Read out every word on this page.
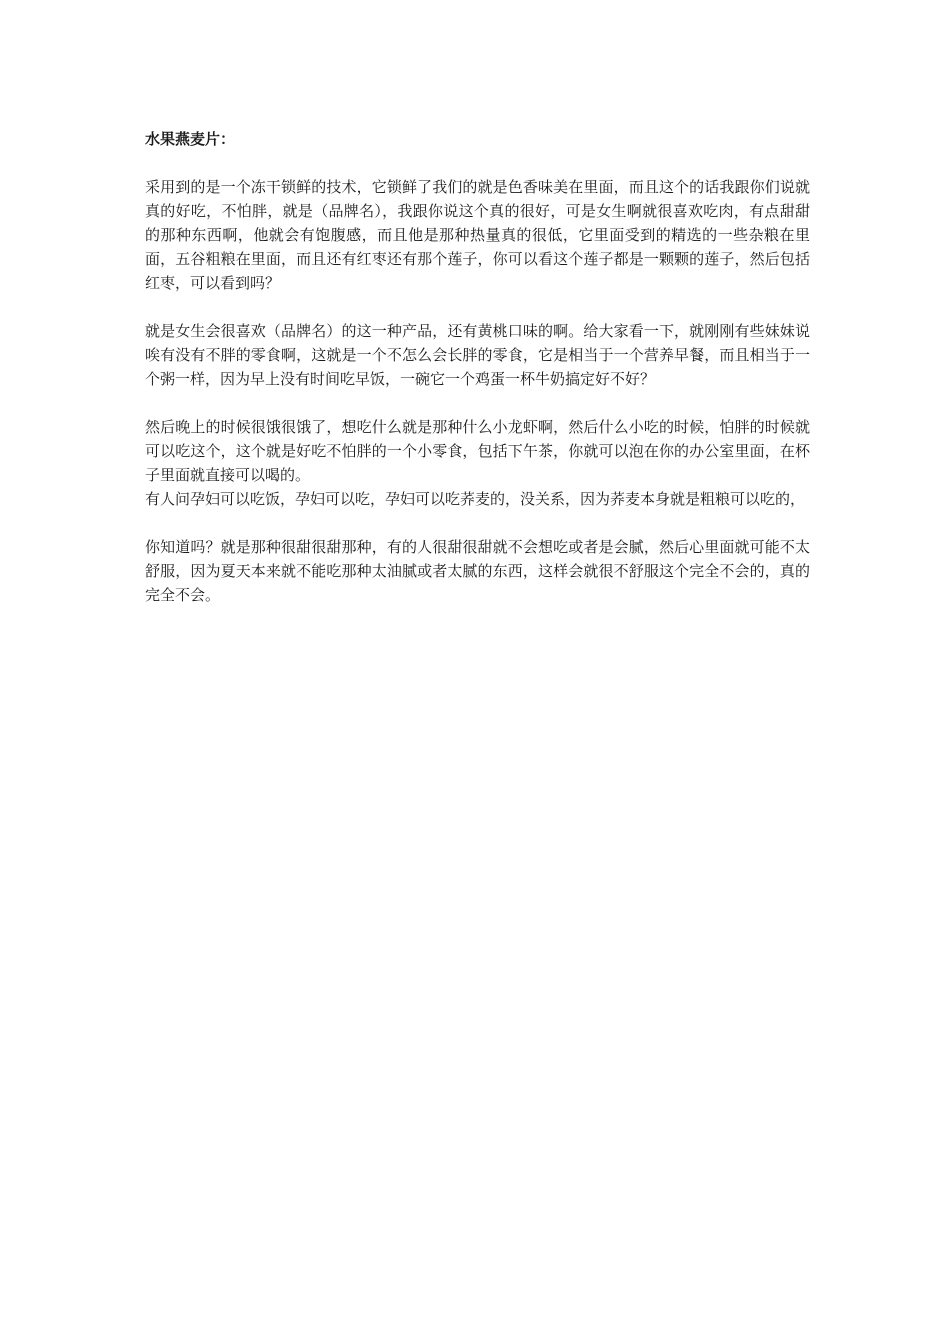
水果燕麦片：

采用到的是一个冻干锁鲜的技术，它锁鲜了我们的就是色香味美在里面，而且这个的话我跟你们说就真的好吃，不怕胖，就是（品牌名），我跟你说这个真的很好，可是女生啊就很喜欢吃肉，有点甜甜的那种东西啊，他就会有饱腹感，而且他是那种热量真的很低，它里面受到的精选的一些杂粮在里面，五谷粗粮在里面，而且还有红枣还有那个莲子，你可以看这个莲子都是一颗颗的莲子，然后包括红枣，可以看到吗？

就是女生会很喜欢（品牌名）的这一种产品，还有黄桃口味的啊。给大家看一下，就刚刚有些妹妹说唉有没有不胖的零食啊，这就是一个不怎么会长胖的零食，它是相当于一个营养早餐，而且相当于一个粥一样，因为早上没有时间吃早饭，一碗它一个鸡蛋一杯牛奶搞定好不好？

然后晚上的时候很饿很饿了，想吃什么就是那种什么小龙虾啊，然后什么小吃的时候，怕胖的时候就可以吃这个，这个就是好吃不怕胖的一个小零食，包括下午茶，你就可以泡在你的办公室里面，在杯子里面就直接可以喝的。

有人问孕妇可以吃饭，孕妇可以吃，孕妇可以吃荞麦的，没关系，因为荞麦本身就是粗粮可以吃的，

你知道吗？就是那种很甜很甜那种，有的人很甜很甜就不会想吃或者是会腻，然后心里面就可能不太舒服，因为夏天本来就不能吃那种太油腻或者太腻的东西，这样会就很不舒服这个完全不会的，真的完全不会。
